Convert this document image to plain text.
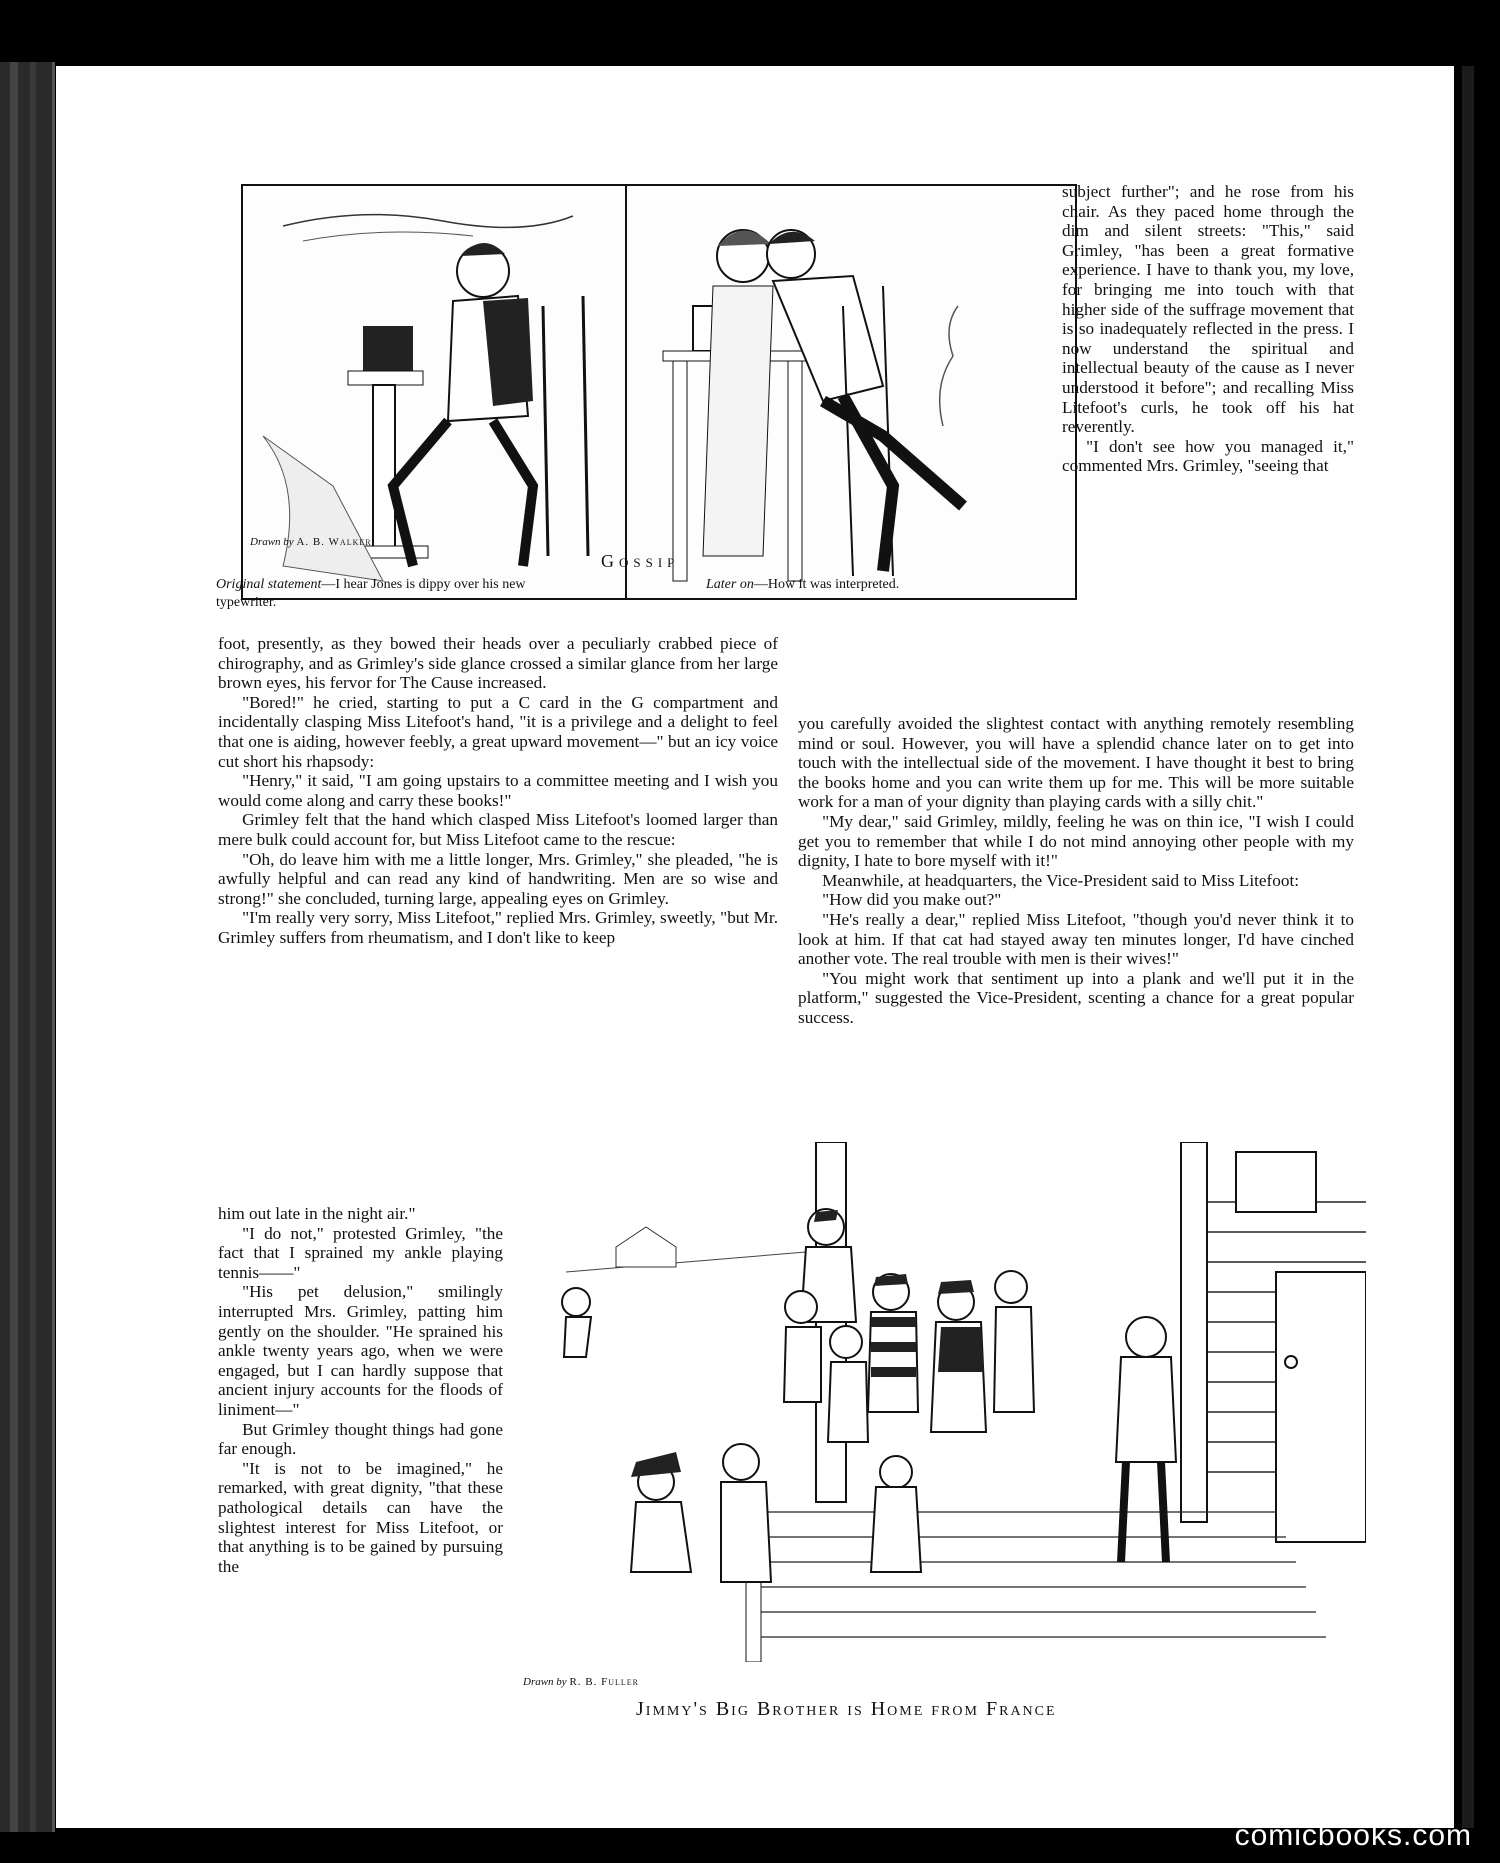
Drawn by A. B. Walker
Gossip
Original statement—I hear Jones is dippy over his new typewriter.
Later on—How it was interpreted.

subject further"; and he rose from his chair. As they paced home through the dim and silent streets: "This," said Grimley, "has been a great formative experience. I have to thank you, my love, for bringing me into touch with that higher side of the suffrage movement that is so inadequately reflected in the press. I now understand the spiritual and intellectual beauty of the cause as I never understood it before"; and recalling Miss Litefoot's curls, he took off his hat reverently.

"I don't see how you managed it," commented Mrs. Grimley, "seeing that

foot, presently, as they bowed their heads over a peculiarly crabbed piece of chirography, and as Grimley's side glance crossed a similar glance from her large brown eyes, his fervor for The Cause increased.

"Bored!" he cried, starting to put a C card in the G compartment and incidentally clasping Miss Litefoot's hand, "it is a privilege and a delight to feel that one is aiding, however feebly, a great upward movement—" but an icy voice cut short his rhapsody:

"Henry," it said, "I am going upstairs to a committee meeting and I wish you would come along and carry these books!"

Grimley felt that the hand which clasped Miss Litefoot's loomed larger than mere bulk could account for, but Miss Litefoot came to the rescue:

"Oh, do leave him with me a little longer, Mrs. Grimley," she pleaded, "he is awfully helpful and can read any kind of handwriting. Men are so wise and strong!" she concluded, turning large, appealing eyes on Grimley.

"I'm really very sorry, Miss Litefoot," replied Mrs. Grimley, sweetly, "but Mr. Grimley suffers from rheumatism, and I don't like to keep

you carefully avoided the slightest contact with anything remotely resembling mind or soul. However, you will have a splendid chance later on to get into touch with the intellectual side of the movement. I have thought it best to bring the books home and you can write them up for me. This will be more suitable work for a man of your dignity than playing cards with a silly chit."

"My dear," said Grimley, mildly, feeling he was on thin ice, "I wish I could get you to remember that while I do not mind annoying other people with my dignity, I hate to bore myself with it!"

Meanwhile, at headquarters, the Vice-President said to Miss Litefoot:

"How did you make out?"

"He's really a dear," replied Miss Litefoot, "though you'd never think it to look at him. If that cat had stayed away ten minutes longer, I'd have cinched another vote. The real trouble with men is their wives!"

"You might work that sentiment up into a plank and we'll put it in the platform," suggested the Vice-President, scenting a chance for a great popular success.

him out late in the night air."

"I do not," protested Grimley, "the fact that I sprained my ankle playing tennis——"

"His pet delusion," smilingly interrupted Mrs. Grimley, patting him gently on the shoulder. "He sprained his ankle twenty years ago, when we were engaged, but I can hardly suppose that ancient injury accounts for the floods of liniment—"

But Grimley thought things had gone far enough.

"It is not to be imagined," he remarked, with great dignity, "that these pathological details can have the slightest interest for Miss Litefoot, or that anything is to be gained by pursuing the

Drawn by R. B. Fuller
Jimmy's Big Brother is Home from France
comicbooks.com
